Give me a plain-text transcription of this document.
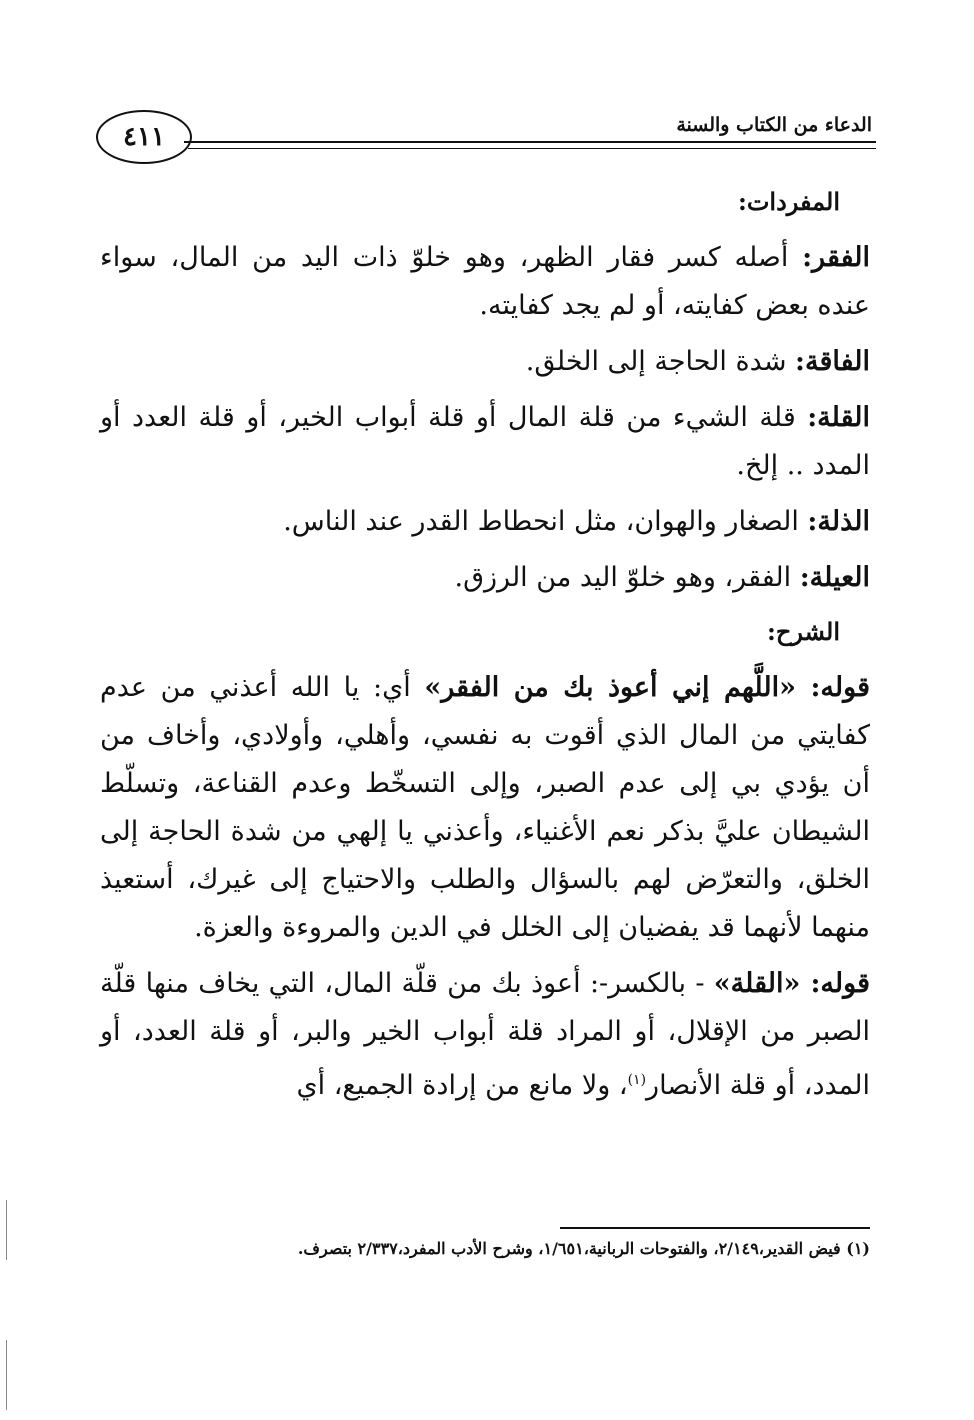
٤١١	الدعاء من الكتاب والسنة
المفردات:

الفقر: أصله كسر فقار الظهر، وهو خلوّ ذات اليد من المال، سواء عنده بعض كفايته، أو لم يجد كفايته.

الفاقة: شدة الحاجة إلى الخلق.

القلة: قلة الشيء من قلة المال أو قلة أبواب الخير، أو قلة العدد أو المدد .. إلخ.

الذلة: الصغار والهوان، مثل انحطاط القدر عند الناس.

العيلة: الفقر، وهو خلوّ اليد من الرزق.

الشرح:

قوله: «اللَّهم إني أعوذ بك من الفقر» أي: يا الله أعذني من عدم كفايتي من المال الذي أقوت به نفسي، وأهلي، وأولادي، وأخاف من أن يؤدي بي إلى عدم الصبر، وإلى التسخّط وعدم القناعة، وتسلّط الشيطان عليَّ بذكر نعم الأغنياء، وأعذني يا إلهي من شدة الحاجة إلى الخلق، والتعرّض لهم بالسؤال والطلب والاحتياج إلى غيرك، أستعيذ منهما لأنهما قد يفضيان إلى الخلل في الدين والمروءة والعزة.

قوله: «القلة» - بالكسر-: أعوذ بك من قلّة المال، التي يخاف منها قلّة الصبر من الإقلال، أو المراد قلة أبواب الخير والبر، أو قلة العدد، أو المدد، أو قلة الأنصار$^{(١)}$، ولا مانع من إرادة الجميع، أي

(١) فيض القدير،٢/١٤٩، والفتوحات الربانية،١/٦٥١، وشرح الأدب المفرد،٢/٣٣٧ بتصرف.
